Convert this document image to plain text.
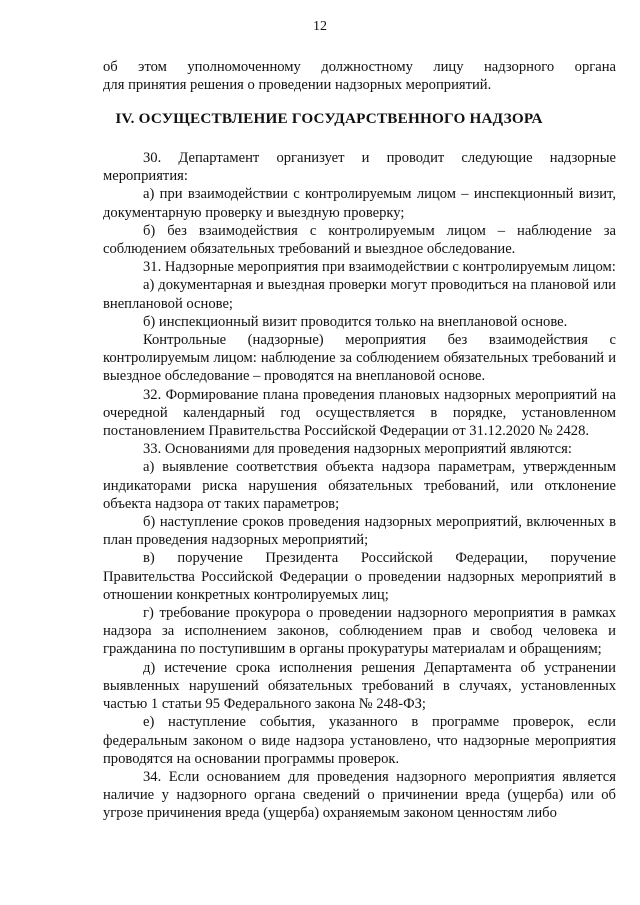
12
об этом уполномоченному должностному лицу надзорного органа
для принятия решения о проведении надзорных мероприятий.
IV. ОСУЩЕСТВЛЕНИЕ ГОСУДАРСТВЕННОГО НАДЗОРА

30. Департамент организует и проводит следующие надзорные мероприятия:

а) при взаимодействии с контролируемым лицом – инспекционный визит, документарную проверку и выездную проверку;

б) без взаимодействия с контролируемым лицом – наблюдение за соблюдением обязательных требований и выездное обследование.

31. Надзорные мероприятия при взаимодействии с контролируемым лицом:

а) документарная и выездная проверки могут проводиться на плановой или внеплановой основе;

б) инспекционный визит проводится только на внеплановой основе.

Контрольные (надзорные) мероприятия без взаимодействия с контролируемым лицом: наблюдение за соблюдением обязательных требований и выездное обследование – проводятся на внеплановой основе.

32. Формирование плана проведения плановых надзорных мероприятий на очередной календарный год осуществляется в порядке, установленном постановлением Правительства Российской Федерации от 31.12.2020 № 2428.

33. Основаниями для проведения надзорных мероприятий являются:

а) выявление соответствия объекта надзора параметрам, утвержденным индикаторами риска нарушения обязательных требований, или отклонение объекта надзора от таких параметров;

б) наступление сроков проведения надзорных мероприятий, включенных в план проведения надзорных мероприятий;

в) поручение Президента Российской Федерации, поручение Правительства Российской Федерации о проведении надзорных мероприятий в отношении конкретных контролируемых лиц;

г) требование прокурора о проведении надзорного мероприятия в рамках надзора за исполнением законов, соблюдением прав и свобод человека и гражданина по поступившим в органы прокуратуры материалам и обращениям;

д) истечение срока исполнения решения Департамента об устранении выявленных нарушений обязательных требований в случаях, установленных частью 1 статьи 95 Федерального закона № 248-ФЗ;

е) наступление события, указанного в программе проверок, если федеральным законом о виде надзора установлено, что надзорные мероприятия проводятся на основании программы проверок.

34. Если основанием для проведения надзорного мероприятия является наличие у надзорного органа сведений о причинении вреда (ущерба) или об угрозе причинения вреда (ущерба) охраняемым законом ценностям либо
